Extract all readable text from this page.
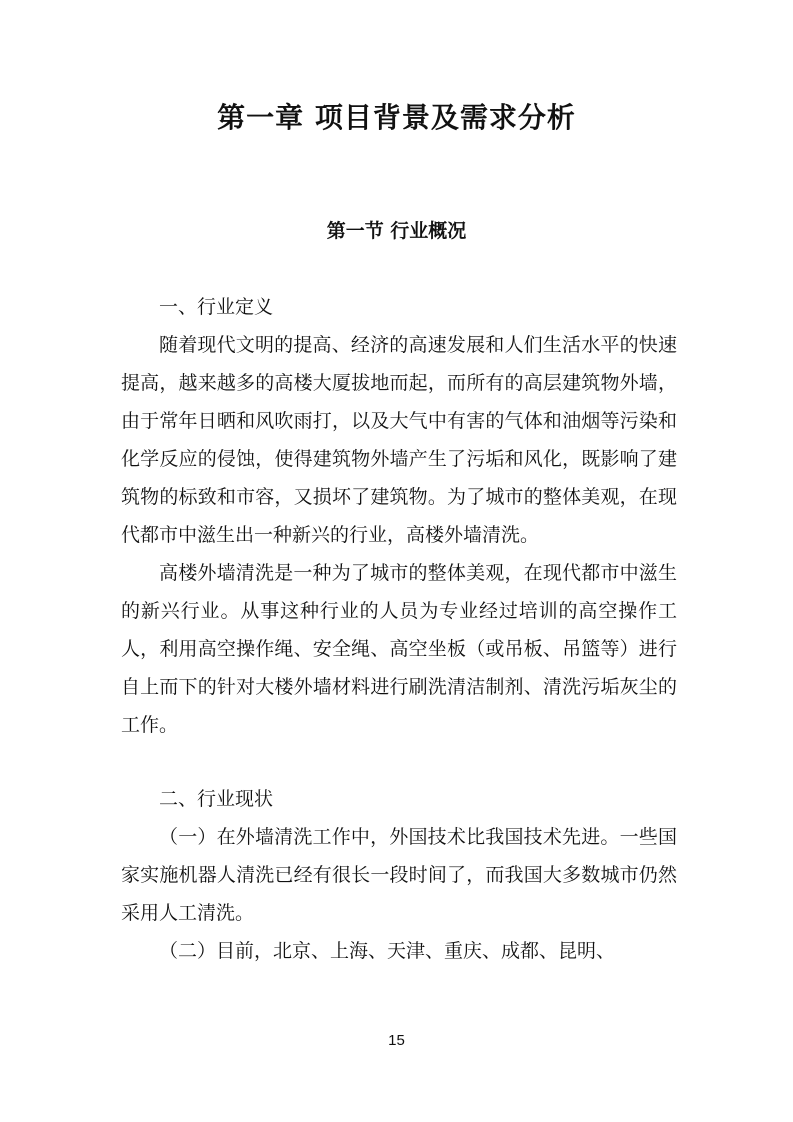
第一章 项目背景及需求分析
第一节 行业概况

一、行业定义

随着现代文明的提高、经济的高速发展和人们生活水平的快速提高，越来越多的高楼大厦拔地而起，而所有的高层建筑物外墙，由于常年日晒和风吹雨打，以及大气中有害的气体和油烟等污染和化学反应的侵蚀，使得建筑物外墙产生了污垢和风化，既影响了建筑物的标致和市容，又损坏了建筑物。为了城市的整体美观，在现代都市中滋生出一种新兴的行业，高楼外墙清洗。

高楼外墙清洗是一种为了城市的整体美观，在现代都市中滋生的新兴行业。从事这种行业的人员为专业经过培训的高空操作工人，利用高空操作绳、安全绳、高空坐板（或吊板、吊篮等）进行自上而下的针对大楼外墙材料进行刷洗清洁制剂、清洗污垢灰尘的工作。

二、行业现状

（一）在外墙清洗工作中，外国技术比我国技术先进。一些国家实施机器人清洗已经有很长一段时间了，而我国大多数城市仍然采用人工清洗。

（二）目前，北京、上海、天津、重庆、成都、昆明、

15
